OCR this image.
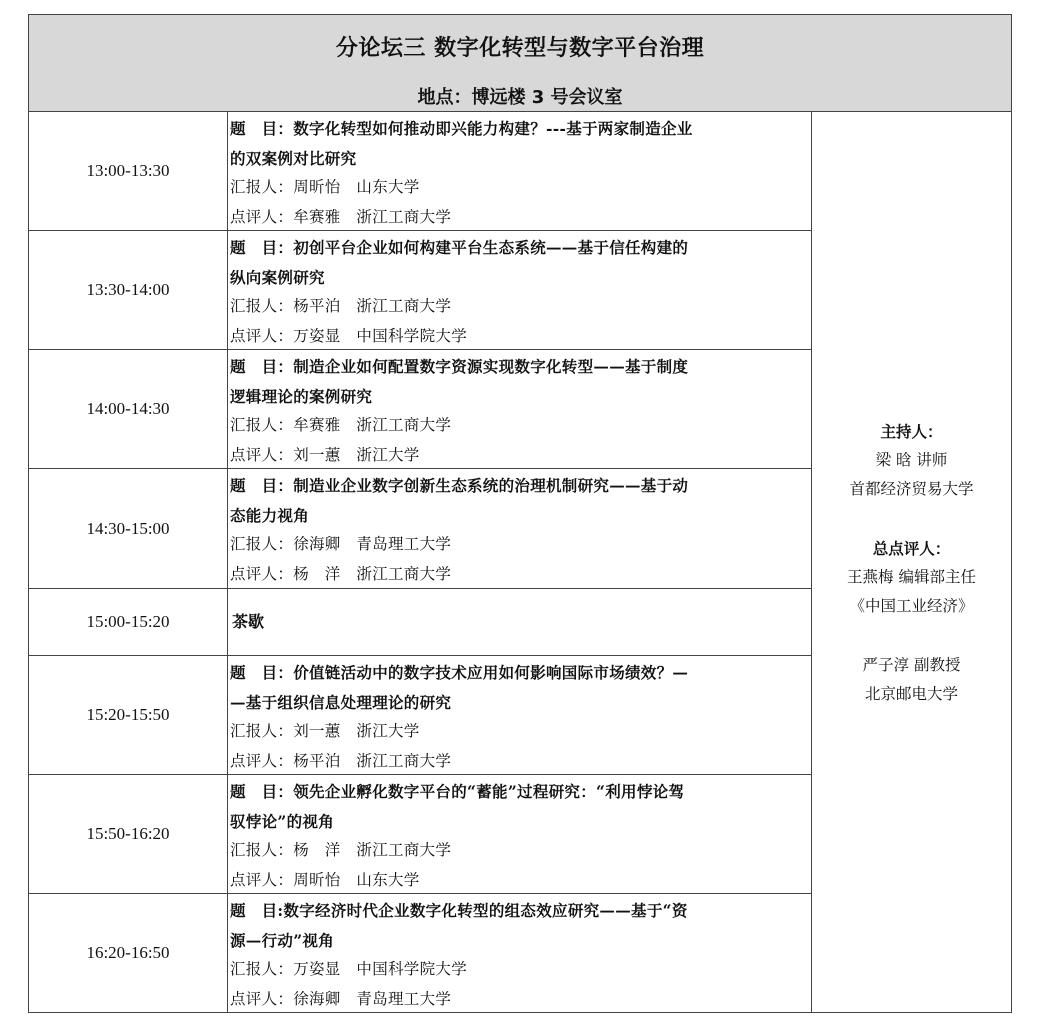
分论坛三 数字化转型与数字平台治理
地点：博远楼 3 号会议室
13:00-13:30
题　目：数字化转型如何推动即兴能力构建？---基于两家制造企业
的双案例对比研究
汇报人：周昕怡　山东大学
点评人：牟赛雅　浙江工商大学
13:30-14:00
题　目：初创平台企业如何构建平台生态系统——基于信任构建的
纵向案例研究
汇报人：杨平泊　浙江工商大学
点评人：万姿显　中国科学院大学
14:00-14:30
题　目：制造企业如何配置数字资源实现数字化转型——基于制度
逻辑理论的案例研究
汇报人：牟赛雅　浙江工商大学
点评人：刘一蕙　浙江大学
14:30-15:00
题　目：制造业企业数字创新生态系统的治理机制研究——基于动
态能力视角
汇报人：徐海卿　青岛理工大学
点评人：杨　洋　浙江工商大学
15:00-15:20	茶歇
15:20-15:50
题　目：价值链活动中的数字技术应用如何影响国际市场绩效？—
—基于组织信息处理理论的研究
汇报人：刘一蕙　浙江大学
点评人：杨平泊　浙江工商大学
15:50-16:20
题　目：领先企业孵化数字平台的“蓄能”过程研究：“利用悖论驾
驭悖论”的视角
汇报人：杨　洋　浙江工商大学
点评人：周昕怡　山东大学
16:20-16:50
题　目:数字经济时代企业数字化转型的组态效应研究——基于“资
源—行动”视角
汇报人：万姿显　中国科学院大学
点评人：徐海卿　青岛理工大学
主持人：
梁 晗 讲师
首都经济贸易大学
总点评人：
王燕梅 编辑部主任
《中国工业经济》
严子淳 副教授
北京邮电大学
